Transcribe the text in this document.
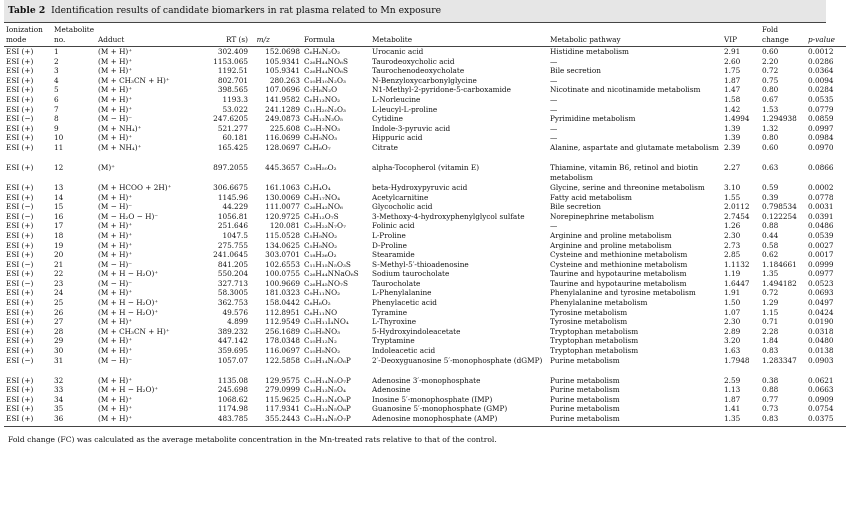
Table 2 Identification results of candidate biomarkers in rat plasma related to Mn exposure
Ionization
mode	Metabolite
no.	Adduct	RT (s)	m/z	Formula	Metabolite	Metabolic pathway	VIP	Fold
change	p-value
ESI (+)	1	(M + H)⁺	302.409	152.0698	C₆H₆N₂O₂	Urocanic acid	Histidine metabolism	2.91	0.60	0.0012
ESI (+)	2	(M + H)⁺	1153.065	105.9341	C₂₆H₄₄NO₆S	Taurodeoxycholic acid	—	2.60	2.20	0.0286
ESI (+)	3	(M + H)⁺	1192.51	105.9341	C₂₆H₄₄NO₆S	Taurochenodeoxycholate	Bile secretion	1.75	0.72	0.0364
ESI (+)	4	(M + CH₃CN + H)⁺	802.701	280.263	C₁₀H₁₀N₂O₃	N-Benzyloxycarbonylglycine	—	1.87	0.75	0.0094
ESI (+)	5	(M + H)⁺	398.565	107.0696	C₇H₈N₂O	N1-Methyl-2-pyridone-5-carboxamide	Nicotinate and nicotinamide metabolism	1.47	0.80	0.0284
ESI (+)	6	(M + H)⁺	1193.3	141.9582	C₆H₁₃NO₂	L-Norleucine	—	1.58	0.67	0.0535
ESI (+)	7	(M + H)⁺	53.022	241.1289	C₁₁H₂₀N₂O₃	L-leucyl-L-proline	—	1.42	1.53	0.0779
ESI (−)	8	(M − H)⁻	247.6205	249.0873	C₉H₁₃N₃O₅	Cytidine	Pyrimidine metabolism	1.4994	1.294938	0.0859
ESI (+)	9	(M + NH₄)⁺	521.277	225.608	C₁₀H₇NO₃	Indole-3-pyruvic acid	—	1.39	1.32	0.0997
ESI (+)	10	(M + H)⁺	60.181	116.0699	C₉H₉NO₃	Hippuric acid	—	1.39	0.80	0.0984
ESI (+)	11	(M + NH₄)⁺	165.425	128.0697	C₆H₈O₇	Citrate	Alanine, aspartate and glutamate metabolism	2.39	0.60	0.0970
ESI (+)	12	(M)⁺	897.2055	445.3657	C₂₉H₅₀O₂	alpha-Tocopherol (vitamin E)	Thiamine, vitamin B6, retinol and biotin metabolism	2.27	0.63	0.0866
ESI (+)	13	(M + HCOO + 2H)⁺	306.6675	161.1063	C₃H₄O₄	beta-Hydroxypyruvic acid	Glycine, serine and threonine metabolism	3.10	0.59	0.0002
ESI (+)	14	(M + H)⁺	1145.96	130.0069	C₉H₁₇NO₄	Acetylcarnitine	Fatty acid metabolism	1.55	0.39	0.0778
ESI (−)	15	(M − H)⁻	44.229	111.0077	C₂₆H₄₃NO₆	Glycocholic acid	Bile secretion	2.0112	0.798534	0.0031
ESI (−)	16	(M − H₂O − H)⁻	1056.81	120.9725	C₉H₁₂O₇S	3-Methoxy-4-hydroxyphenylglycol sulfate	Norepinephrine metabolism	2.7454	0.122254	0.0391
ESI (+)	17	(M + H)⁺	251.646	120.081	C₂₀H₂₃N₇O₇	Folinic acid	—	1.26	0.88	0.0486
ESI (+)	18	(M + H)⁺	1047.5	115.0528	C₅H₉NO₂	L-Proline	Arginine and proline metabolism	2.30	0.44	0.0539
ESI (+)	19	(M + H)⁺	275.755	134.0625	C₅H₉NO₂	D-Proline	Arginine and proline metabolism	2.73	0.58	0.0027
ESI (+)	20	(M + H)⁺	241.0645	303.0701	C₁₈H₃₆O₂	Stearamide	Cysteine and methionine metabolism	2.85	0.62	0.0017
ESI (−)	21	(M − H)⁻	841.205	102.6553	C₁₁H₁₅N₅O₃S	S-Methyl-5′-thioadenosine	Cysteine and methionine metabolism	1.1132	1.184661	0.0999
ESI (+)	22	(M + H − H₂O)⁺	550.204	100.0755	C₂₆H₄₄NNaO₆S	Sodium taurocholate	Taurine and hypotaurine metabolism	1.19	1.35	0.0977
ESI (−)	23	(M − H)⁻	327.713	100.9669	C₂₆H₄₅NO₇S	Taurocholate	Taurine and hypotaurine metabolism	1.6447	1.494182	0.0523
ESI (+)	24	(M + H)⁺	58.3005	181.0323	C₉H₁₁NO₂	L-Phenylalanine	Phenylalanine and tyrosine metabolism	1.91	0.72	0.0693
ESI (+)	25	(M + H − H₂O)⁺	362.753	158.0442	C₈H₈O₂	Phenylacetic acid	Phenylalanine metabolism	1.50	1.29	0.0497
ESI (+)	26	(M + H − H₂O)⁺	49.576	112.8951	C₈H₁₁NO	Tyramine	Tyrosine metabolism	1.07	1.15	0.0424
ESI (+)	27	(M + H)⁺	4.899	112.9549	C₁₅H₁₁I₄NO₄	L-Thyroxine	Tyrosine metabolism	2.30	0.71	0.0190
ESI (+)	28	(M + CH₃CN + H)⁺	389.232	256.1689	C₁₀H₉NO₃	5-Hydroxyindoleacetate	Tryptophan metabolism	2.89	2.28	0.0318
ESI (+)	29	(M + H)⁺	447.142	178.0348	C₁₀H₁₂N₂	Tryptamine	Tryptophan metabolism	3.20	1.84	0.0480
ESI (+)	30	(M + H)⁺	359.695	116.0697	C₁₀H₉NO₂	Indoleacetic acid	Tryptophan metabolism	1.63	0.83	0.0138
ESI (−)	31	(M − H)⁻	1057.07	122.5858	C₁₀H₁₄N₅O₆P	2′-Deoxyguanosine 5′-monophosphate (dGMP)	Purine metabolism	1.7948	1.283347	0.0903
ESI (+)	32	(M + H)⁺	1135.08	129.9575	C₁₀H₁₄N₅O₇P	Adenosine 3′-monophosphate	Purine metabolism	2.59	0.38	0.0621
ESI (+)	33	(M + H − H₂O)⁺	245.698	279.0999	C₁₀H₁₃N₅O₄	Adenosine	Purine metabolism	1.13	0.88	0.0663
ESI (+)	34	(M + H)⁺	1068.62	115.9625	C₁₀H₁₃N₄O₈P	Inosine 5′-monophosphate (IMP)	Purine metabolism	1.87	0.77	0.0909
ESI (+)	35	(M + H)⁺	1174.98	117.9341	C₁₀H₁₃N₅O₈P	Guanosine 5′-monophosphate (GMP)	Purine metabolism	1.41	0.73	0.0754
ESI (+)	36	(M + H)⁺	483.785	355.2443	C₁₀H₁₄N₅O₇P	Adenosine monophosphate (AMP)	Purine metabolism	1.35	0.83	0.0375
Fold change (FC) was calculated as the average metabolite concentration in the Mn-treated rats relative to that of the control.
